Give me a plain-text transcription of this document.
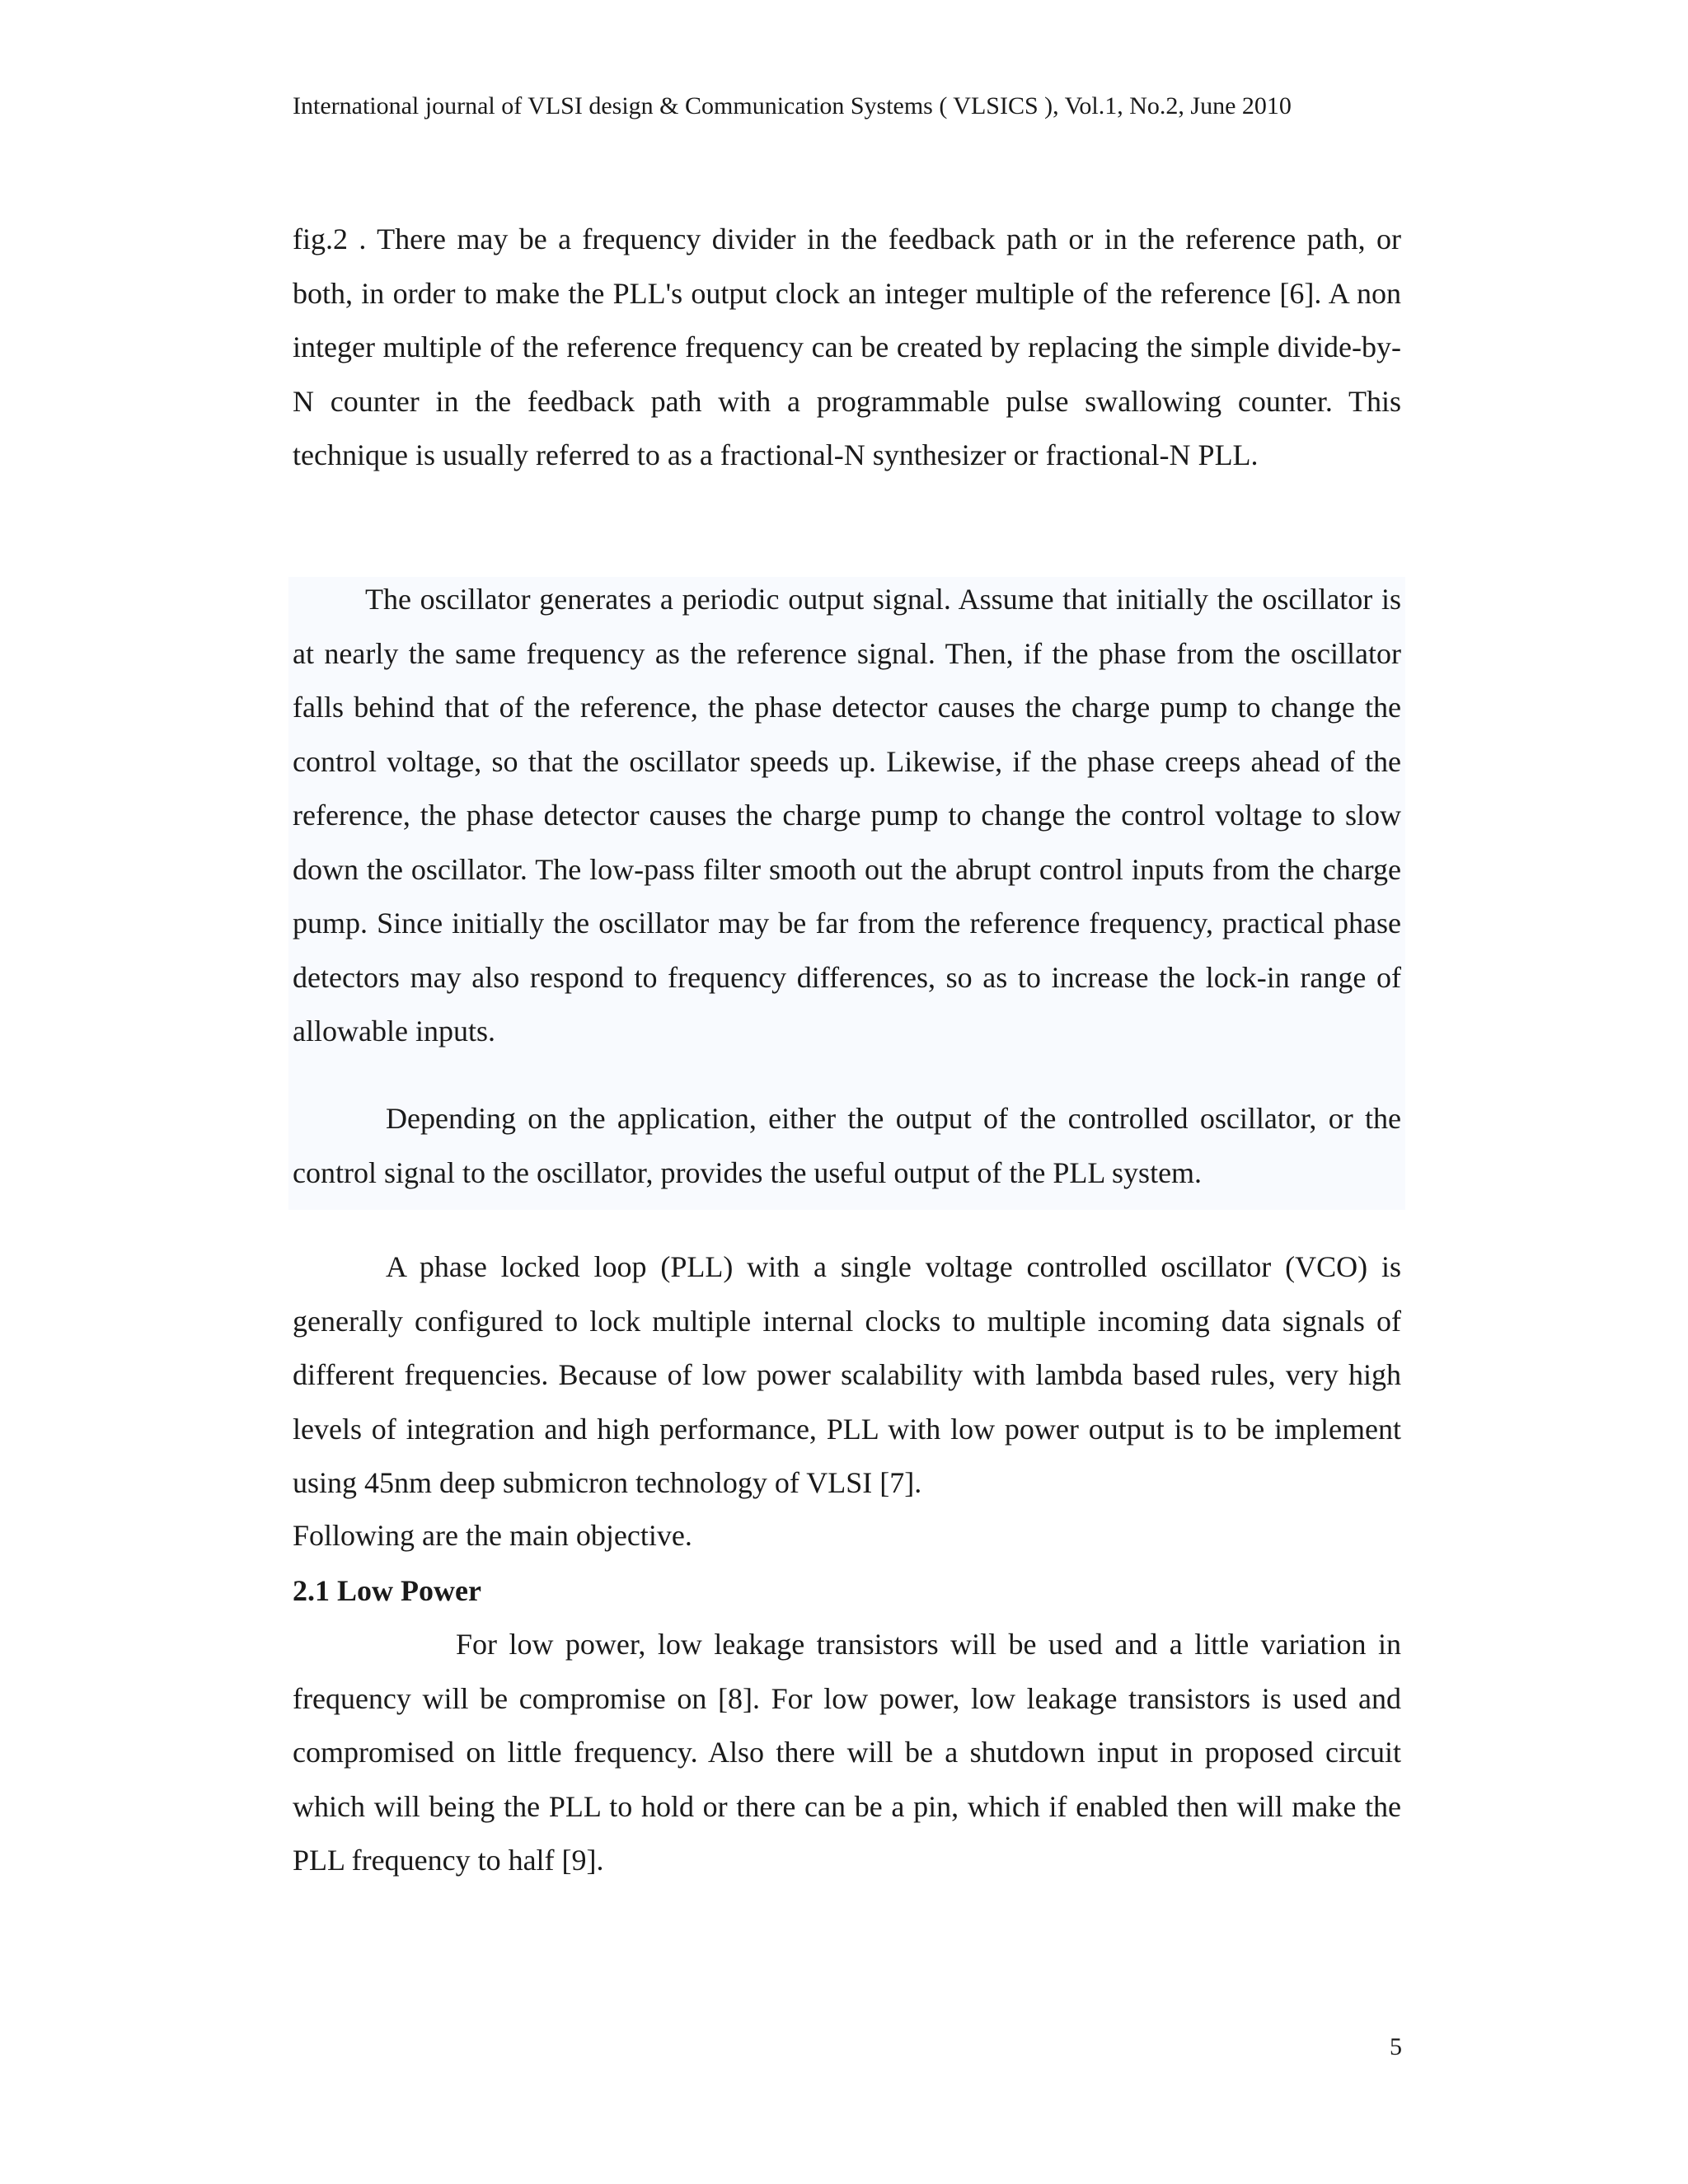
International journal of VLSI design & Communication Systems ( VLSICS ), Vol.1, No.2, June 2010

fig.2 . There may be a frequency divider in the feedback path or in the reference path, or both, in order to make the PLL's output clock an integer multiple of the reference [6]. A non integer multiple of the reference frequency can be created by replacing the simple divide-by-N counter in the feedback path with a programmable pulse swallowing counter. This technique is usually referred to as a fractional-N synthesizer or fractional-N PLL.

The oscillator generates a periodic output signal. Assume that initially the oscillator is at nearly the same frequency as the reference signal. Then, if the phase from the oscillator falls behind that of the reference, the phase detector causes the charge pump to change the control voltage, so that the oscillator speeds up. Likewise, if the phase creeps ahead of the reference, the phase detector causes the charge pump to change the control voltage to slow down the oscillator. The low-pass filter smooth out the abrupt control inputs from the charge pump. Since initially the oscillator may be far from the reference frequency, practical phase detectors may also respond to frequency differences, so as to increase the lock-in range of allowable inputs.

Depending on the application, either the output of the controlled oscillator, or the control signal to the oscillator, provides the useful output of the PLL system.

A phase locked loop (PLL) with a single voltage controlled oscillator (VCO) is generally configured to lock multiple internal clocks to multiple incoming data signals of different frequencies. Because of low power scalability with lambda based rules, very high levels of integration and high performance, PLL with low power output is to be implement using 45nm deep submicron technology of VLSI [7].

Following are the main objective.

2.1 Low Power

For low power, low leakage transistors will be used and a little variation in frequency will be compromise on [8]. For low power, low leakage transistors is used and compromised on little frequency. Also there will be a shutdown input in proposed circuit which will being the PLL to hold or there can be a pin, which if enabled then will make the PLL frequency to half [9].

5
